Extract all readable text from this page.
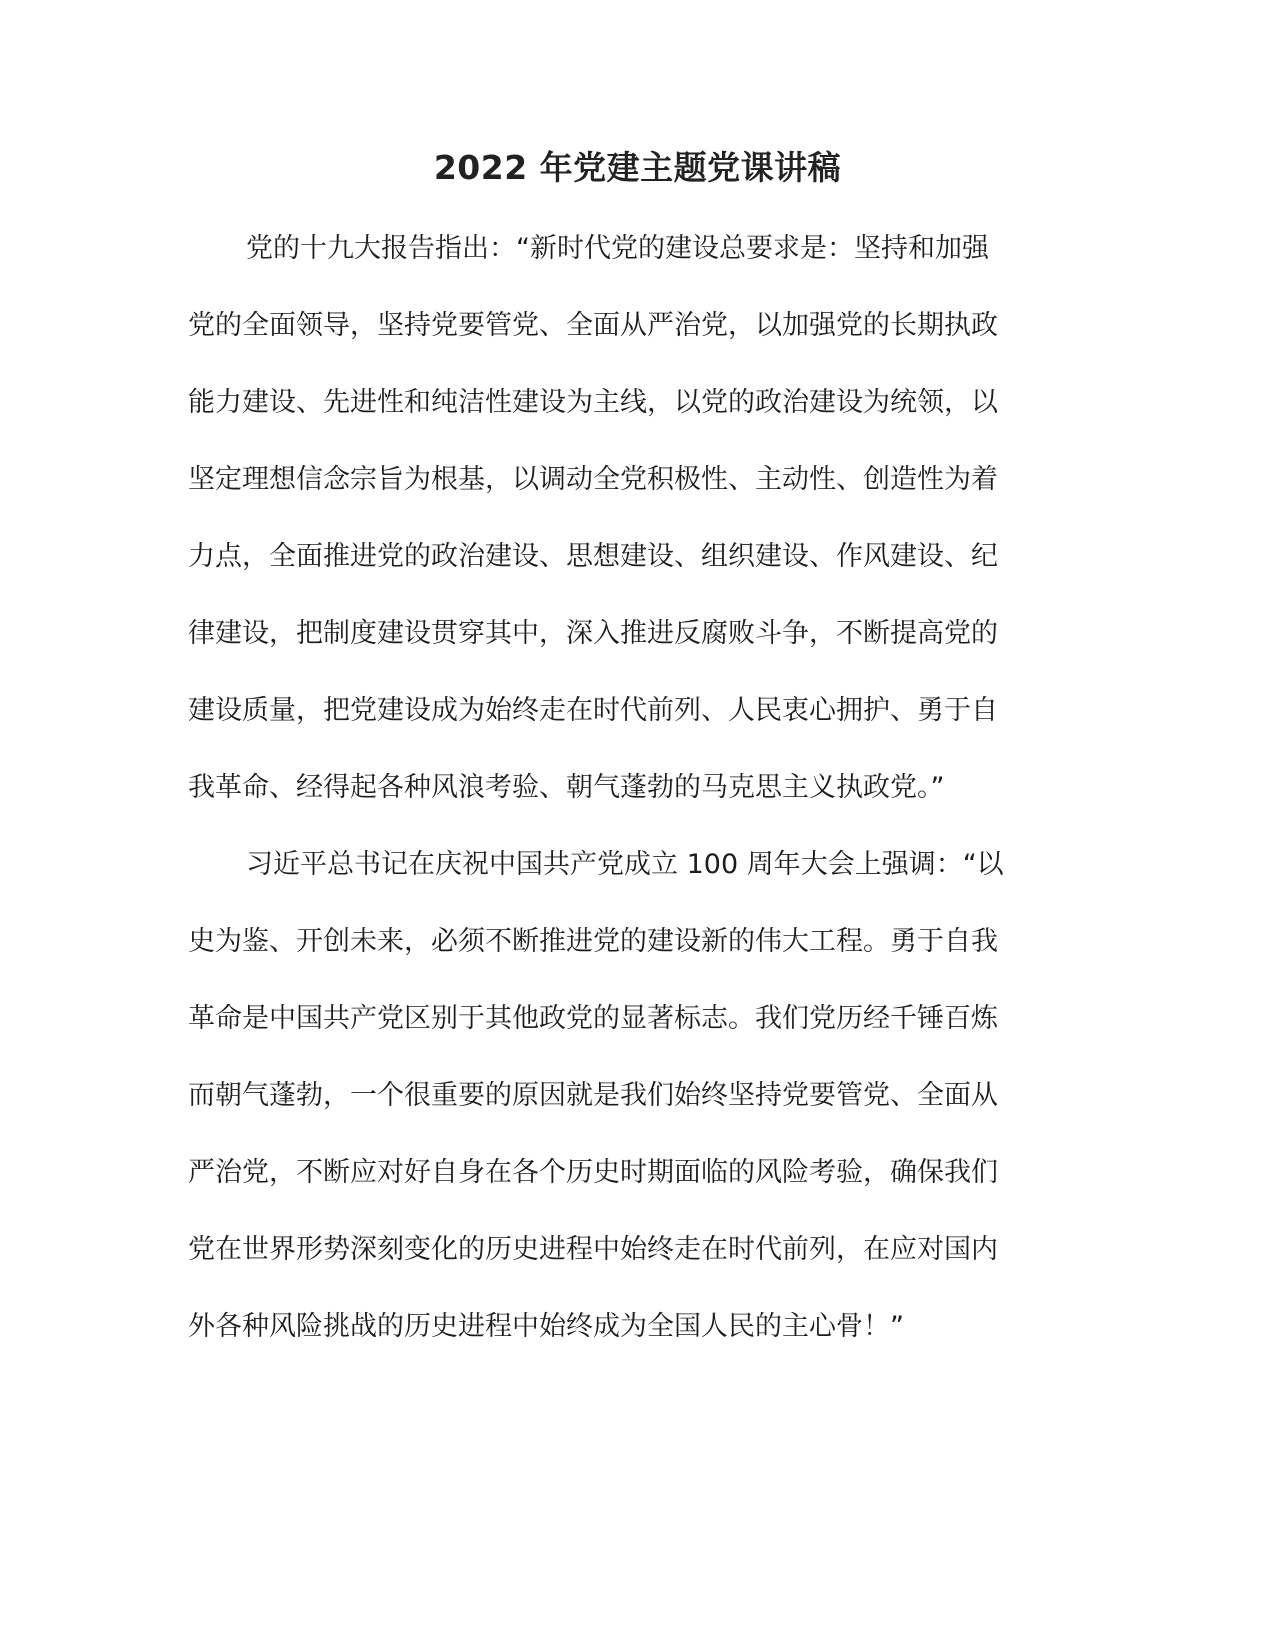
2022 年党建主题党课讲稿
党的十九大报告指出：“新时代党的建设总要求是：坚持和加强
党的全面领导，坚持党要管党、全面从严治党，以加强党的长期执政
能力建设、先进性和纯洁性建设为主线，以党的政治建设为统领，以
坚定理想信念宗旨为根基，以调动全党积极性、主动性、创造性为着
力点，全面推进党的政治建设、思想建设、组织建设、作风建设、纪
律建设，把制度建设贯穿其中，深入推进反腐败斗争，不断提高党的
建设质量，把党建设成为始终走在时代前列、人民衷心拥护、勇于自
我革命、经得起各种风浪考验、朝气蓬勃的马克思主义执政党。”
习近平总书记在庆祝中国共产党成立 100 周年大会上强调：“以
史为鉴、开创未来，必须不断推进党的建设新的伟大工程。勇于自我
革命是中国共产党区别于其他政党的显著标志。我们党历经千锤百炼
而朝气蓬勃，一个很重要的原因就是我们始终坚持党要管党、全面从
严治党，不断应对好自身在各个历史时期面临的风险考验，确保我们
党在世界形势深刻变化的历史进程中始终走在时代前列，在应对国内
外各种风险挑战的历史进程中始终成为全国人民的主心骨！”
